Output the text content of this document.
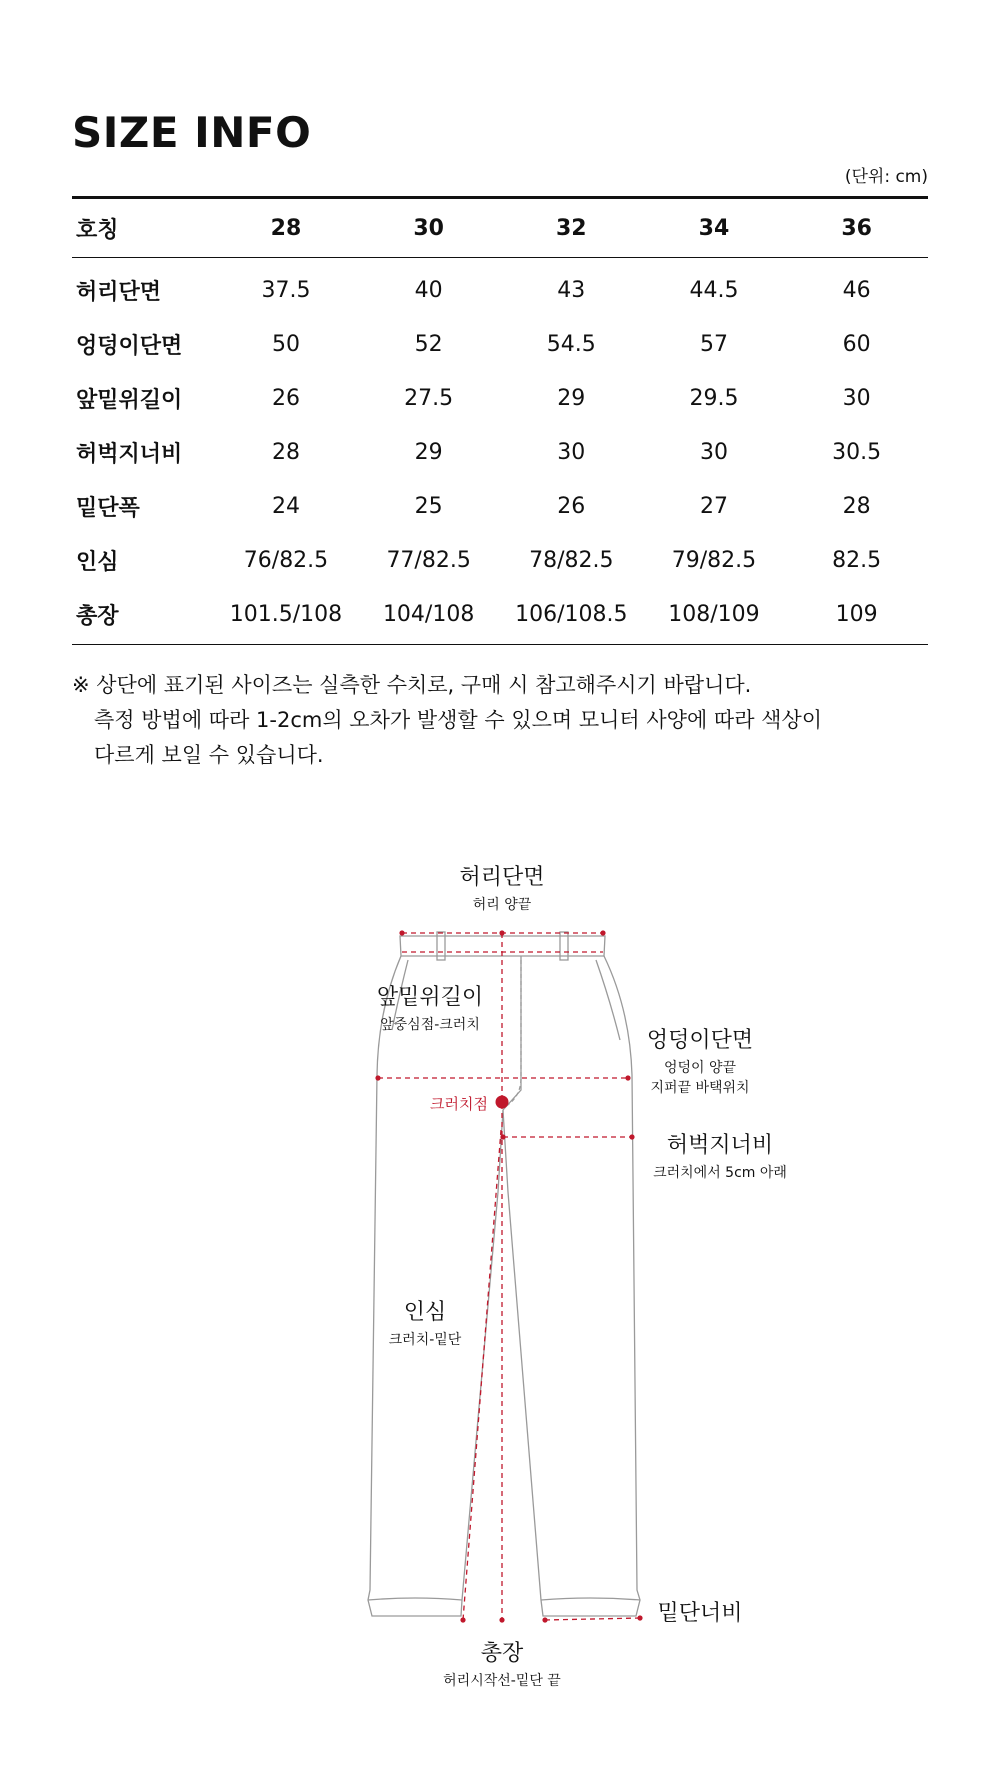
SIZE INFO
(단위: cm)
호칭	28	30	32	34	36
허리단면	37.5	40	43	44.5	46
엉덩이단면	50	52	54.5	57	60
앞밑위길이	26	27.5	29	29.5	30
허벅지너비	28	29	30	30	30.5
밑단폭	24	25	26	27	28
인심	76/82.5	77/82.5	78/82.5	79/82.5	82.5
총장	101.5/108	104/108	106/108.5	108/109	109
※ 상단에 표기된 사이즈는 실측한 수치로, 구매 시 참고해주시기 바랍니다.
측정 방법에 따라 1-2cm의 오차가 발생할 수 있으며 모니터 사양에 따라 색상이
다르게 보일 수 있습니다.
허리단면
허리 양끝
앞밑위길이
앞중심점-크러치
엉덩이단면
엉덩이 양끝
지퍼끝 바택위치
크러치점
허벅지너비
크러치에서 5cm 아래
인심
크러치-밑단
밑단너비
총장
허리시작선-밑단 끝
